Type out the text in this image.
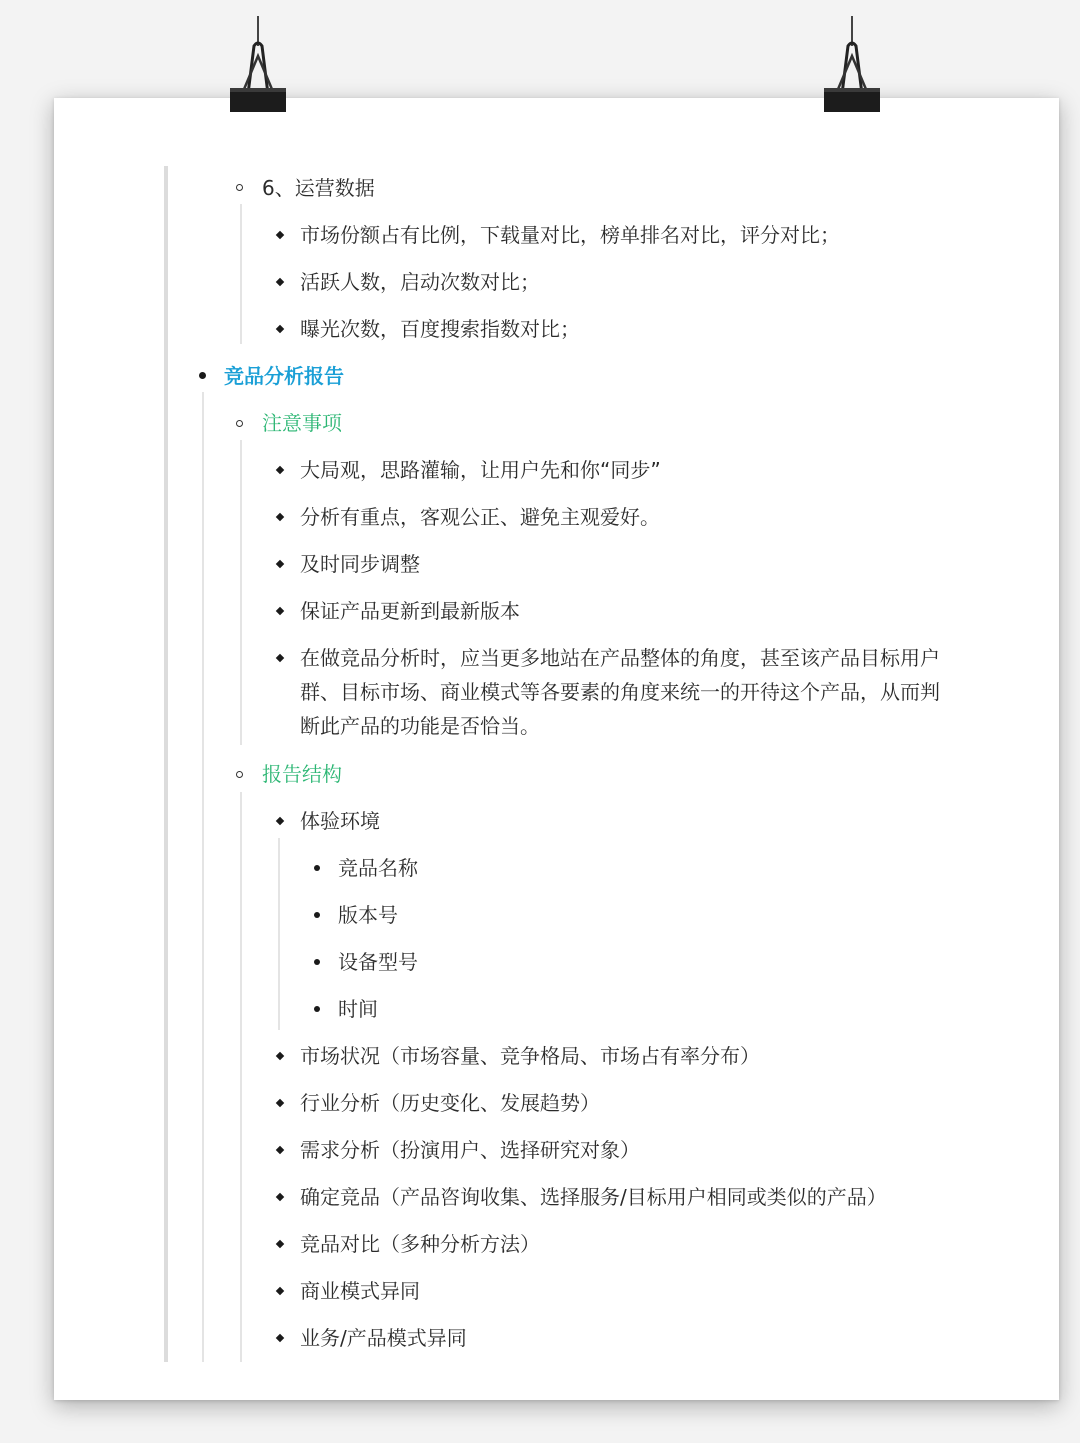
6、运营数据
市场份额占有比例，下载量对比，榜单排名对比，评分对比；
活跃人数，启动次数对比；
曝光次数，百度搜索指数对比；
竞品分析报告
注意事项
大局观，思路灌输，让用户先和你“同步”
分析有重点，客观公正、避免主观爱好。
及时同步调整
保证产品更新到最新版本
在做竞品分析时，应当更多地站在产品整体的角度，甚至该产品目标用户群、目标市场、商业模式等各要素的角度来统一的开待这个产品，从而判断此产品的功能是否恰当。
报告结构
体验环境
竞品名称
版本号
设备型号
时间
市场状况（市场容量、竞争格局、市场占有率分布）
行业分析（历史变化、发展趋势）
需求分析（扮演用户、选择研究对象）
确定竞品（产品咨询收集、选择服务/目标用户相同或类似的产品）
竞品对比（多种分析方法）
商业模式异同
业务/产品模式异同
